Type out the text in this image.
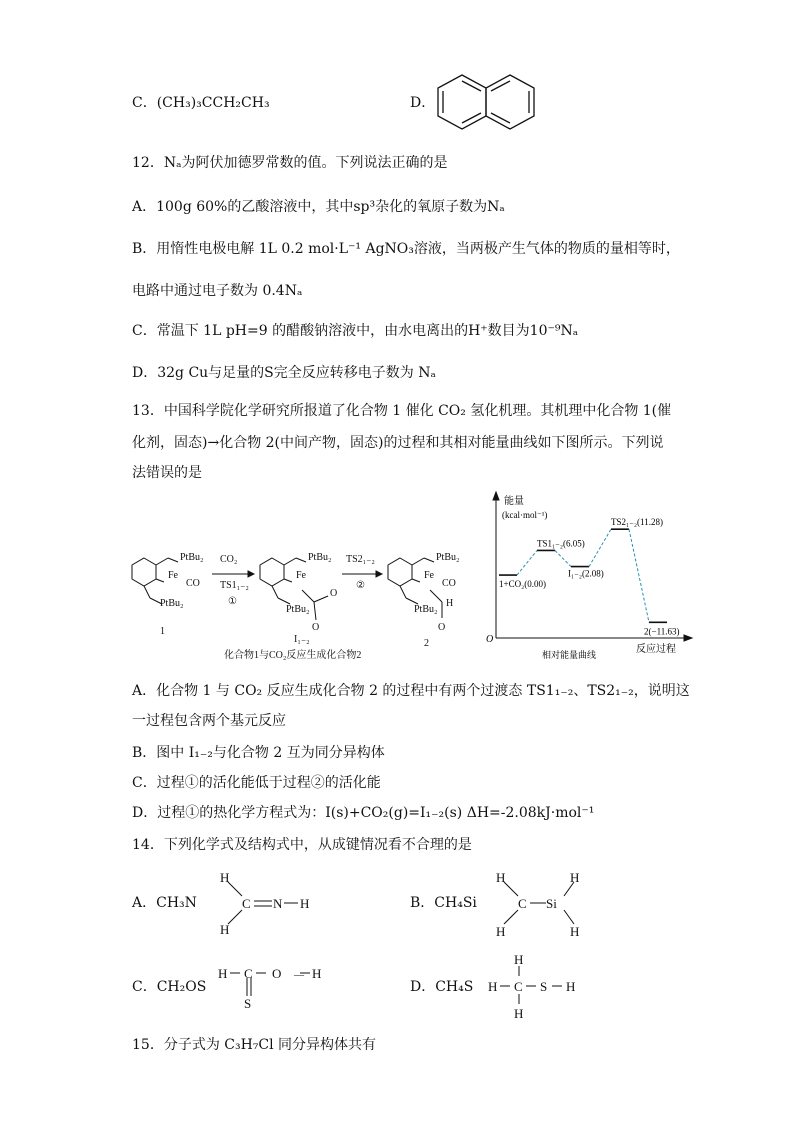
C．(CH₃)₃CCH₂CH₃	D．
12．Nₐ为阿伏加德罗常数的值。下列说法正确的是
A．100g 60%的乙酸溶液中，其中sp³杂化的氧原子数为Nₐ
B．用惰性电极电解 1L 0.2 mol·L⁻¹ AgNO₃溶液，当两极产生气体的物质的量相等时，
电路中通过电子数为 0.4Nₐ
C．常温下 1L pH=9 的醋酸钠溶液中，由水电离出的H⁺数目为10⁻⁹Nₐ
D．32g Cu与足量的S完全反应转移电子数为 Nₐ
13．中国科学院化学研究所报道了化合物 1 催化 CO₂ 氢化机理。其机理中化合物 1(催
化剂，固态)→化合物 2(中间产物，固态)的过程和其相对能量曲线如下图所示。下列说
法错误的是
PtBu₂
PtBu₂
Fe
CO
CO₂
TS1₁₋₂
①
PtBu₂
PtBu₂
Fe
O
O
TS2₁₋₂
②
PtBu₂
PtBu₂
Fe
CO
H
O
1
I₁₋₂	2
化合物1与CO₂反应生成化合物2
能量
(kcal·mol⁻¹)
O
反应过程
相对能量曲线
1+CO₂(0.00)
TS1₁₋₂(6.05)
I₁₋₂(2.08)
TS2₁₋₂(11.28)
2(−11.63)
A．化合物 1 与 CO₂ 反应生成化合物 2 的过程中有两个过渡态 TS1₁₋₂、TS2₁₋₂，说明这
一过程包含两个基元反应
B．图中 I₁₋₂与化合物 2 互为同分异构体
C．过程①的活化能低于过程②的活化能
D．过程①的热化学方程式为：I(s)+CO₂(g)=I₁₋₂(s) ΔH=-2.08kJ·mol⁻¹
14．下列化学式及结构式中，从成键情况看不合理的是
A．CH₃N
H
H
C N H	B．CH₄Si
H
H
C Si
H
H
C．CH₂OS
H C O — H
S
D．CH₄S H
H
C
H
S H
15．分子式为 C₃H₇Cl 同分异构体共有
